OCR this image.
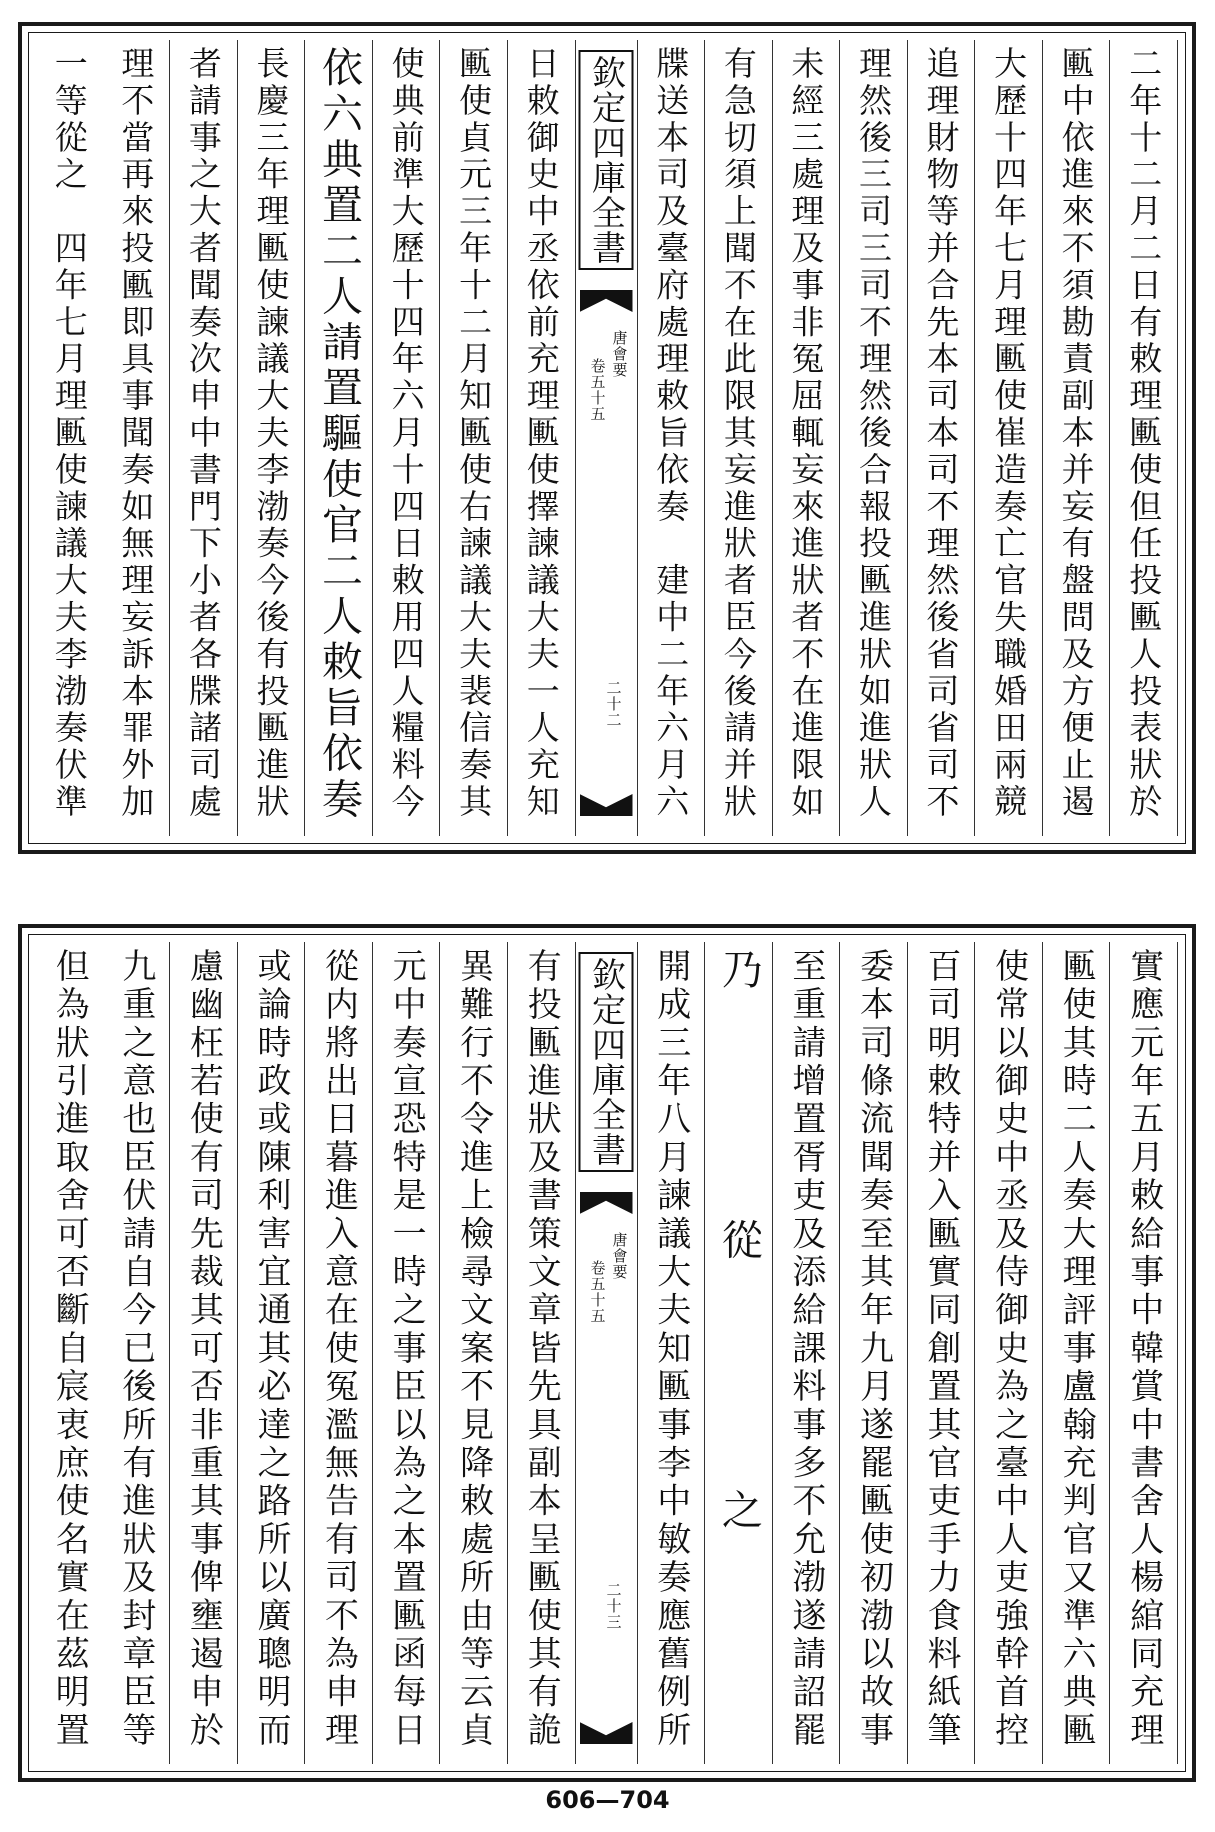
二年十二月二日有敕理匭使但任投匭人投表狀於
匭中依進來不須勘責副本并妄有盤問及方便止遏
大歷十四年七月理匭使崔造奏亡官失職婚田兩競
追理財物等并合先本司本司不理然後省司省司不
理然後三司三司不理然後合報投匭進狀如進狀人
未經三處理及事非冤屈輒妄來進狀者不在進限如
有急切須上聞不在此限其妄進狀者臣今後請并狀
牒送本司及臺府處理敕旨依奏　建中二年六月六
欽定四庫全書
唐會要
卷五十五
二十二
日敕御史中丞依前充理匭使擇諫議大夫一人充知
匭使貞元三年十二月知匭使右諫議大夫裴信奏其
使典前準大歷十四年六月十四日敕用四人糧料今
依六典置二人請置驅使官二人敕旨依奏
長慶三年理匭使諫議大夫李渤奏今後有投匭進狀
者請事之大者聞奏次申中書門下小者各牒諸司處
理不當再來投匭即具事聞奏如無理妄訴本罪外加
一等從之　四年七月理匭使諫議大夫李渤奏伏準
實應元年五月敕給事中韓賞中書舍人楊綰同充理
匭使其時二人奏大理評事盧翰充判官又準六典匭
使常以御史中丞及侍御史為之臺中人吏強幹首控
百司明敕特并入匭實同創置其官吏手力食料紙筆
委本司條流聞奏至其年九月遂罷匭使初渤以故事
至重請增置胥吏及添給課料事多不允渤遂請詔罷
乃從之
開成三年八月諫議大夫知匭事李中敏奏應舊例所
欽定四庫全書
唐會要
卷五十五
二十三
有投匭進狀及書策文章皆先具副本呈匭使其有詭
異難行不令進上檢尋文案不見降敕處所由等云貞
元中奏宣恐特是一時之事臣以為之本置匭函每日
從内將出日暮進入意在使冤濫無告有司不為申理
或論時政或陳利害宜通其必達之路所以廣聰明而
慮幽枉若使有司先裁其可否非重其事俾壅遏申於
九重之意也臣伏請自今已後所有進狀及封章臣等
但為狀引進取舍可否斷自宸衷庶使名實在茲明置
606—704
